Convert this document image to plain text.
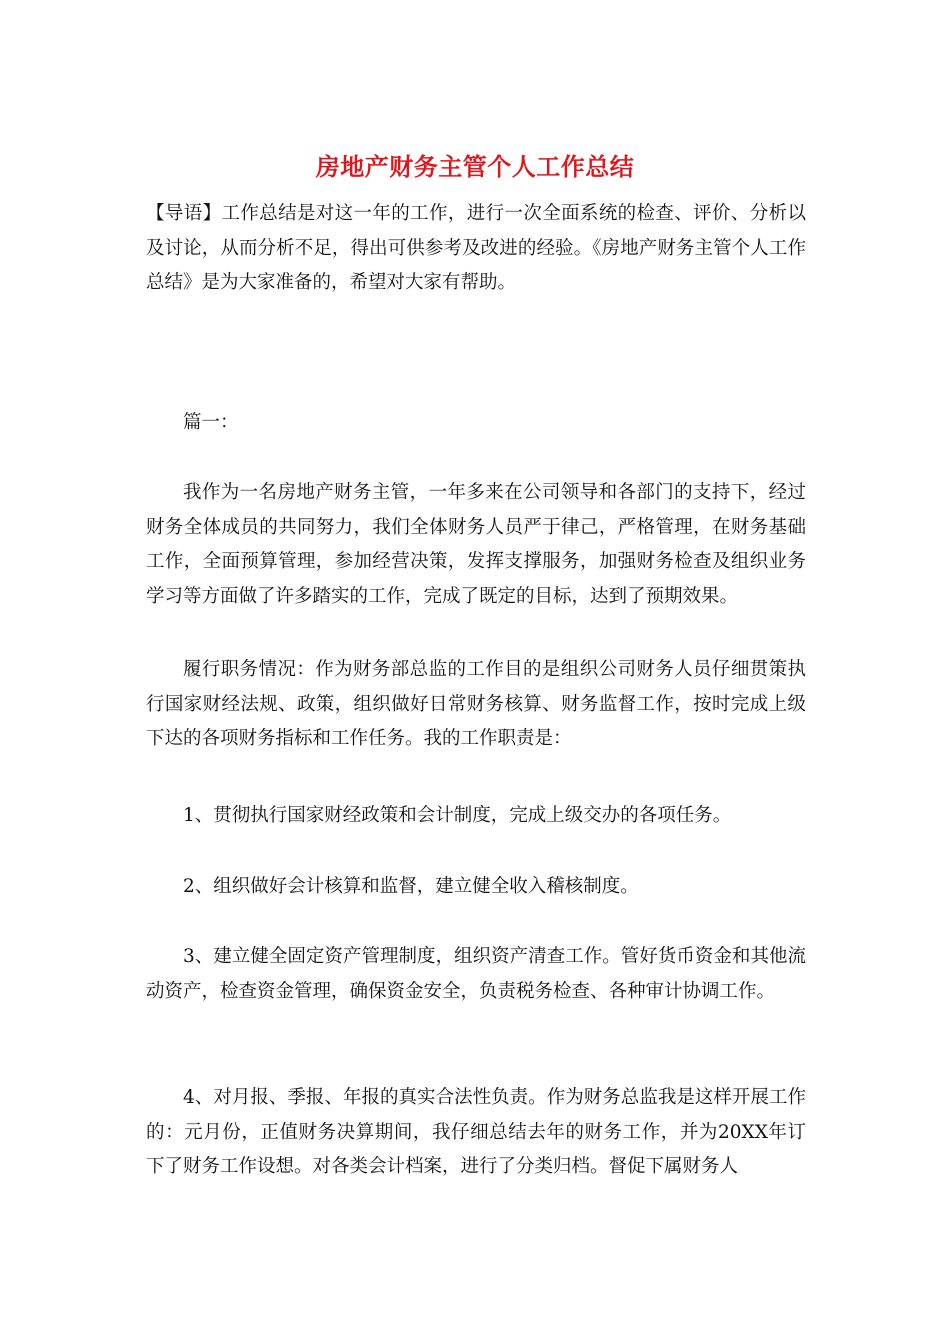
房地产财务主管个人工作总结

【导语】工作总结是对这一年的工作，进行一次全面系统的检查、评价、分析以及讨论，从而分析不足，得出可供参考及改进的经验。《房地产财务主管个人工作总结》是为大家准备的，希望对大家有帮助。

篇一：

我作为一名房地产财务主管，一年多来在公司领导和各部门的支持下，经过财务全体成员的共同努力，我们全体财务人员严于律己，严格管理，在财务基础工作，全面预算管理，参加经营决策，发挥支撑服务，加强财务检查及组织业务学习等方面做了许多踏实的工作，完成了既定的目标，达到了预期效果。

履行职务情况：作为财务部总监的工作目的是组织公司财务人员仔细贯策执行国家财经法规、政策，组织做好日常财务核算、财务监督工作，按时完成上级下达的各项财务指标和工作任务。我的工作职责是：

1、贯彻执行国家财经政策和会计制度，完成上级交办的各项任务。

2、组织做好会计核算和监督，建立健全收入稽核制度。

3、建立健全固定资产管理制度，组织资产清查工作。管好货币资金和其他流动资产，检查资金管理，确保资金安全，负责税务检查、各种审计协调工作。

4、对月报、季报、年报的真实合法性负责。作为财务总监我是这样开展工作的：元月份，正值财务决算期间，我仔细总结去年的财务工作，并为20XX年订下了财务工作设想。对各类会计档案，进行了分类归档。督促下属财务人
